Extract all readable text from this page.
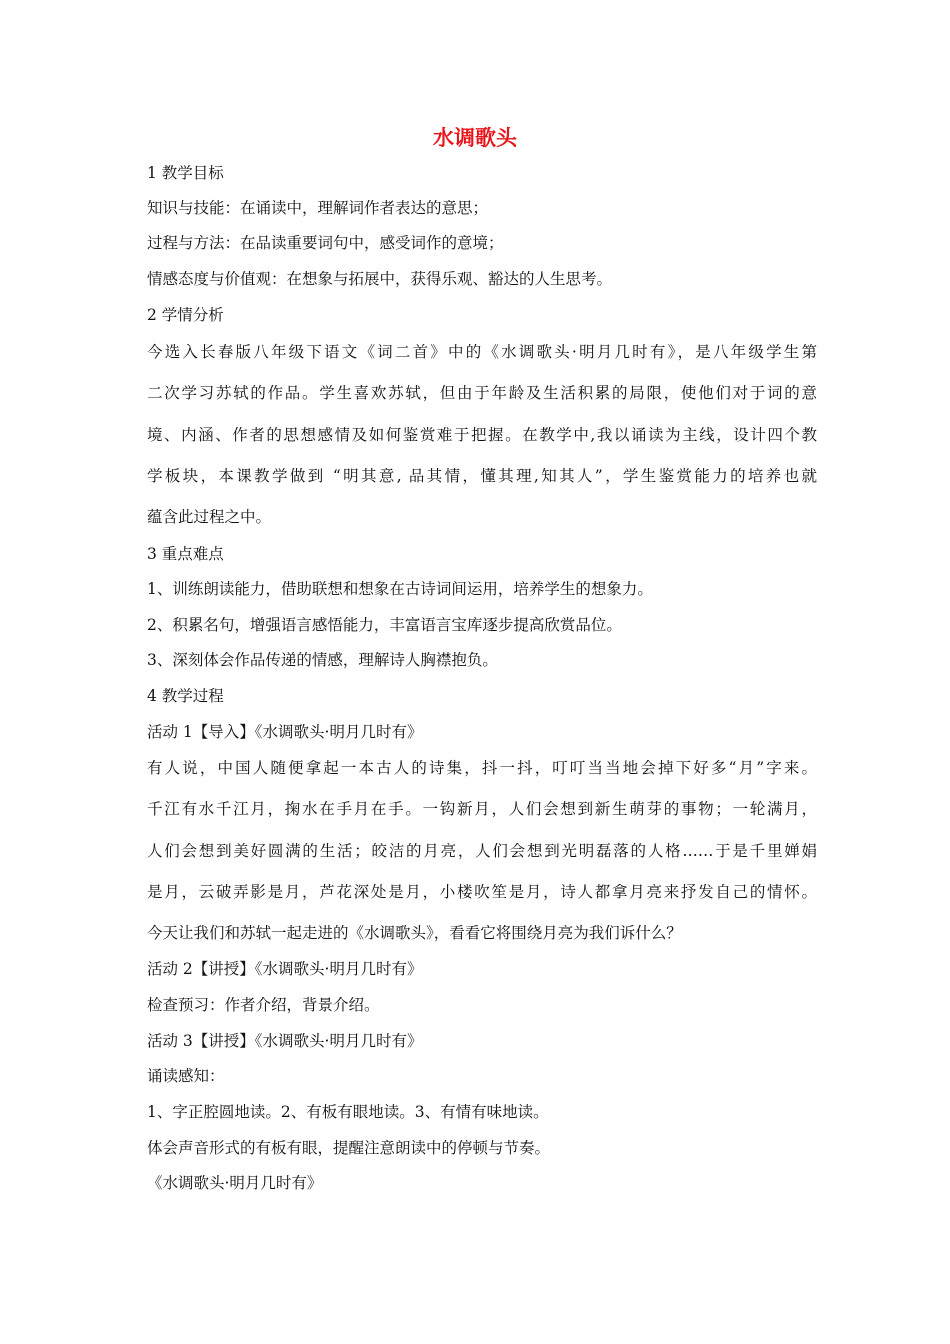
水调歌头
1 教学目标
知识与技能：在诵读中，理解词作者表达的意思；
过程与方法：在品读重要词句中，感受词作的意境；
情感态度与价值观：在想象与拓展中，获得乐观、豁达的人生思考。
2 学情分析
今选入长春版八年级下语文《词二首》中的《水调歌头·明月几时有》，是八年级学生第
二次学习苏轼的作品。学生喜欢苏轼，但由于年龄及生活积累的局限，使他们对于词的意
境、内涵、作者的思想感情及如何鉴赏难于把握。在教学中,我以诵读为主线，设计四个教
学板块，本课教学做到 “明其意, 品其情，懂其理,知其人”，学生鉴赏能力的培养也就
蕴含此过程之中。
3 重点难点
1、训练朗读能力，借助联想和想象在古诗词间运用，培养学生的想象力。
2、积累名句，增强语言感悟能力，丰富语言宝库逐步提高欣赏品位。
3、深刻体会作品传递的情感，理解诗人胸襟抱负。
4 教学过程
活动 1【导入】《水调歌头·明月几时有》
有人说，中国人随便拿起一本古人的诗集，抖一抖，叮叮当当地会掉下好多“月”字来。
千江有水千江月，掬水在手月在手。一钩新月，人们会想到新生萌芽的事物；一轮满月，
人们会想到美好圆满的生活；皎洁的月亮，人们会想到光明磊落的人格……于是千里婵娟
是月，云破弄影是月，芦花深处是月，小楼吹笙是月，诗人都拿月亮来抒发自己的情怀。
今天让我们和苏轼一起走进的《水调歌头》，看看它将围绕月亮为我们诉什么？
活动 2【讲授】《水调歌头·明月几时有》
检查预习：作者介绍，背景介绍。
活动 3【讲授】《水调歌头·明月几时有》
诵读感知：
1、字正腔圆地读。2、有板有眼地读。3、有情有味地读。
体会声音形式的有板有眼，提醒注意朗读中的停顿与节奏。
《水调歌头·明月几时有》
